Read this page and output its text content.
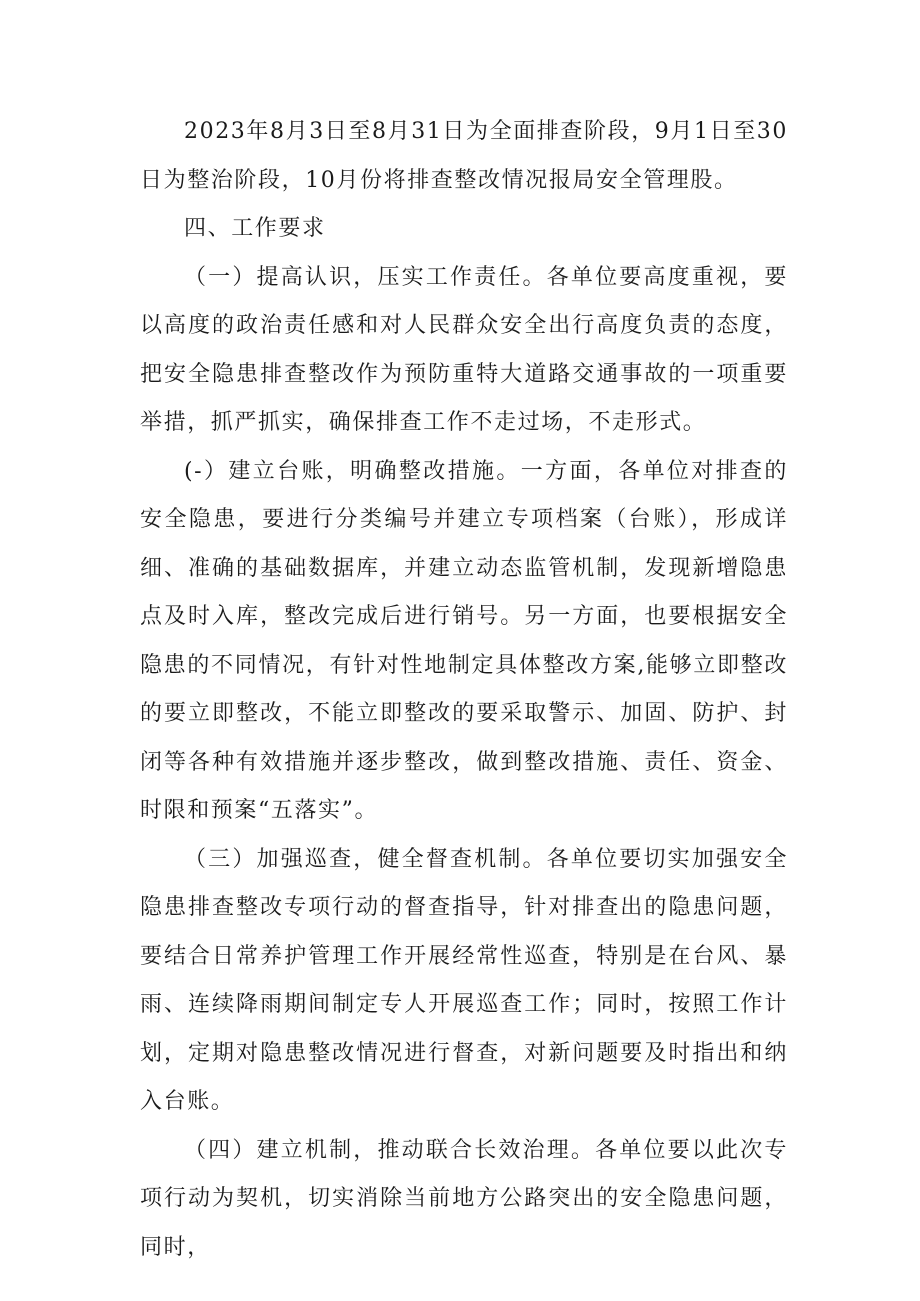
2023年8月3日至8月31日为全面排查阶段，9月1日至30日为整治阶段，10月份将排查整改情况报局安全管理股。

四、工作要求

（一）提高认识，压实工作责任。各单位要高度重视，要以高度的政治责任感和对人民群众安全出行高度负责的态度，把安全隐患排查整改作为预防重特大道路交通事故的一项重要举措，抓严抓实，确保排查工作不走过场，不走形式。

(-）建立台账，明确整改措施。一方面，各单位对排查的安全隐患，要进行分类编号并建立专项档案（台账），形成详细、准确的基础数据库，并建立动态监管机制，发现新增隐患点及时入库，整改完成后进行销号。另一方面，也要根据安全隐患的不同情况，有针对性地制定具体整改方案,能够立即整改的要立即整改，不能立即整改的要采取警示、加固、防护、封闭等各种有效措施并逐步整改，做到整改措施、责任、资金、时限和预案“五落实”。

（三）加强巡查，健全督查机制。各单位要切实加强安全隐患排查整改专项行动的督查指导，针对排查出的隐患问题，要结合日常养护管理工作开展经常性巡查，特别是在台风、暴雨、连续降雨期间制定专人开展巡查工作；同时，按照工作计划，定期对隐患整改情况进行督查，对新问题要及时指出和纳入台账。

（四）建立机制，推动联合长效治理。各单位要以此次专项行动为契机，切实消除当前地方公路突出的安全隐患问题，同时，
